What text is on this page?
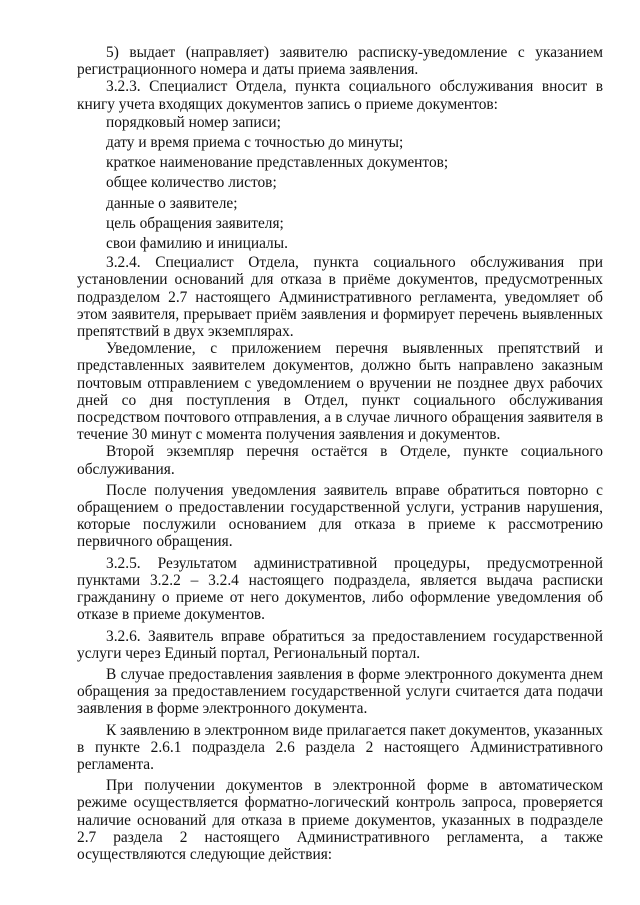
5) выдает (направляет) заявителю расписку-уведомление с указанием регистрационного номера и даты приема заявления.

3.2.3. Специалист Отдела, пункта социального обслуживания вносит в книгу учета входящих документов запись о приеме документов:

порядковый номер записи;

дату и время приема с точностью до минуты;

краткое наименование представленных документов;

общее количество листов;

данные о заявителе;

цель обращения заявителя;

свои фамилию и инициалы.

3.2.4. Специалист Отдела, пункта социального обслуживания при установлении оснований для отказа в приёме документов, предусмотренных подразделом 2.7 настоящего Административного регламента, уведомляет об этом заявителя, прерывает приём заявления и формирует перечень выявленных препятствий в двух экземплярах.

Уведомление, с приложением перечня выявленных препятствий и представленных заявителем документов, должно быть направлено заказным почтовым отправлением с уведомлением о вручении не позднее двух рабочих дней со дня поступления в Отдел, пункт социального обслуживания посредством почтового отправления, а в случае личного обращения заявителя в течение 30 минут с момента получения заявления и документов.

Второй экземпляр перечня остаётся в Отделе, пункте социального обслуживания.

После получения уведомления заявитель вправе обратиться повторно с обращением о предоставлении государственной услуги, устранив нарушения, которые послужили основанием для отказа в приеме к рассмотрению первичного обращения.

3.2.5. Результатом административной процедуры, предусмотренной пунктами 3.2.2 – 3.2.4 настоящего подраздела, является выдача расписки гражданину о приеме от него документов, либо оформление уведомления об отказе в приеме документов.

3.2.6. Заявитель вправе обратиться за предоставлением государственной услуги через Единый портал, Региональный портал.

В случае предоставления заявления в форме электронного документа днем обращения за предоставлением государственной услуги считается дата подачи заявления в форме электронного документа.

К заявлению в электронном виде прилагается пакет документов, указанных в пункте 2.6.1 подраздела 2.6 раздела 2 настоящего Административного регламента.

При получении документов в электронной форме в автоматическом режиме осуществляется форматно-логический контроль запроса, проверяется наличие оснований для отказа в приеме документов, указанных в подразделе 2.7 раздела 2 настоящего Административного регламента, а также осуществляются следующие действия:
